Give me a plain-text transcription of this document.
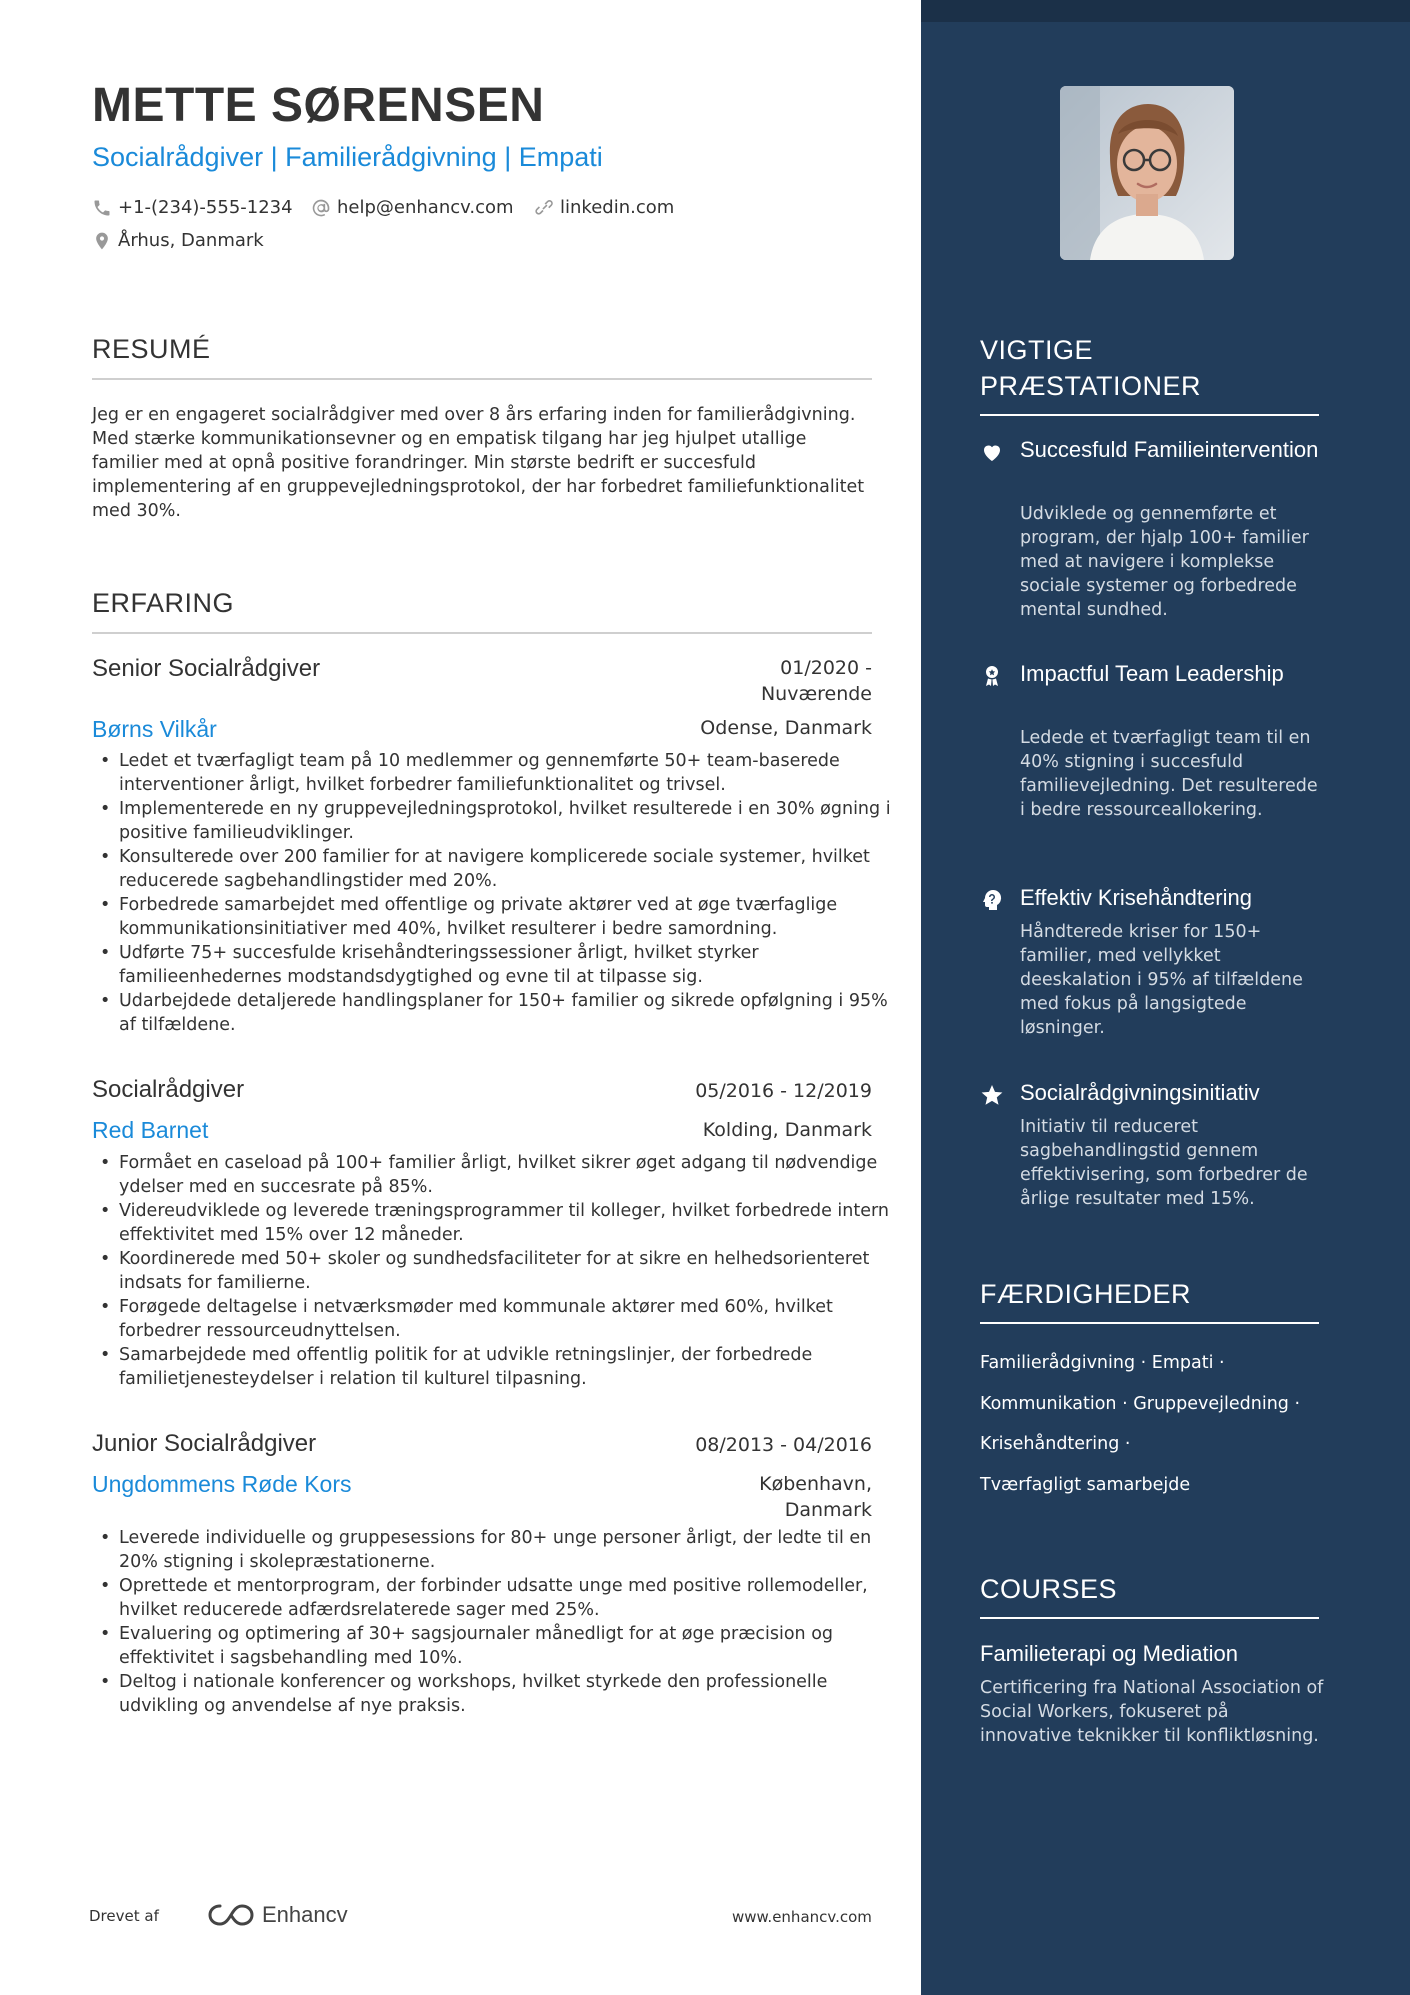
METTE SØRENSEN
Socialrådgiver | Familierådgivning | Empati
+1-(234)-555-1234 help@enhancv.com	linkedin.com
Århus, Danmark
RESUMÉ
Jeg er en engageret socialrådgiver med over 8 års erfaring inden for familierådgivning. Med stærke kommunikationsevner og en empatisk tilgang har jeg hjulpet utallige familier med at opnå positive forandringer. Min største bedrift er succesfuld implementering af en gruppevejledningsprotokol, der har forbedret familiefunktionalitet med 30%.
ERFARING
Senior Socialrådgiver	01/2020 -
Nuværende
Børns Vilkår	Odense, Danmark
• Ledet et tværfagligt team på 10 medlemmer og gennemførte 50+ team-baserede interventioner årligt, hvilket forbedrer familiefunktionalitet og trivsel.
• Implementerede en ny gruppevejledningsprotokol, hvilket resulterede i en 30% øgning i positive familieudviklinger.
• Konsulterede over 200 familier for at navigere komplicerede sociale systemer, hvilket reducerede sagbehandlingstider med 20%.
• Forbedrede samarbejdet med offentlige og private aktører ved at øge tværfaglige kommunikationsinitiativer med 40%, hvilket resulterer i bedre samordning.
• Udførte 75+ succesfulde krisehåndteringssessioner årligt, hvilket styrker familieenhedernes modstandsdygtighed og evne til at tilpasse sig.
• Udarbejdede detaljerede handlingsplaner for 150+ familier og sikrede opfølgning i 95% af tilfældene.
Socialrådgiver	05/2016 - 12/2019
Red Barnet	Kolding, Danmark
• Formået en caseload på 100+ familier årligt, hvilket sikrer øget adgang til nødvendige ydelser med en succesrate på 85%.
• Videreudviklede og leverede træningsprogrammer til kolleger, hvilket forbedrede intern effektivitet med 15% over 12 måneder.
• Koordinerede med 50+ skoler og sundhedsfaciliteter for at sikre en helhedsorienteret indsats for familierne.
• Forøgede deltagelse i netværksmøder med kommunale aktører med 60%, hvilket forbedrer ressourceudnyttelsen.
• Samarbejdede med offentlig politik for at udvikle retningslinjer, der forbedrede familietjenesteydelser i relation til kulturel tilpasning.
Junior Socialrådgiver	08/2013 - 04/2016
Ungdommens Røde Kors	København,
Danmark
• Leverede individuelle og gruppesessions for 80+ unge personer årligt, der ledte til en 20% stigning i skolepræstationerne.
• Oprettede et mentorprogram, der forbinder udsatte unge med positive rollemodeller, hvilket reducerede adfærdsrelaterede sager med 25%.
• Evaluering og optimering af 30+ sagsjournaler månedligt for at øge præcision og effektivitet i sagsbehandling med 10%.
• Deltog i nationale konferencer og workshops, hvilket styrkede den professionelle udvikling og anvendelse af nye praksis.
Drevet af	Enhancv	www.enhancv.com
VIGTIGE
PRÆSTATIONER
Succesfuld Familieintervention
Udviklede og gennemførte et program, der hjalp 100+ familier med at navigere i komplekse sociale systemer og forbedrede mental sundhed.
Impactful Team Leadership
Ledede et tværfagligt team til en 40% stigning i succesfuld familievejledning. Det resulterede i bedre ressourceallokering.
Effektiv Krisehåndtering
Håndterede kriser for 150+ familier, med vellykket deeskalation i 95% af tilfældene med fokus på langsigtede løsninger.
Socialrådgivningsinitiativ
Initiativ til reduceret sagbehandlingstid gennem effektivisering, som forbedrer de årlige resultater med 15%.
FÆRDIGHEDER
Familierådgivning · Empati ·
Kommunikation · Gruppevejledning ·
Krisehåndtering ·
Tværfagligt samarbejde
COURSES
Familieterapi og Mediation
Certificering fra National Association of Social Workers, fokuseret på innovative teknikker til konfliktløsning.
